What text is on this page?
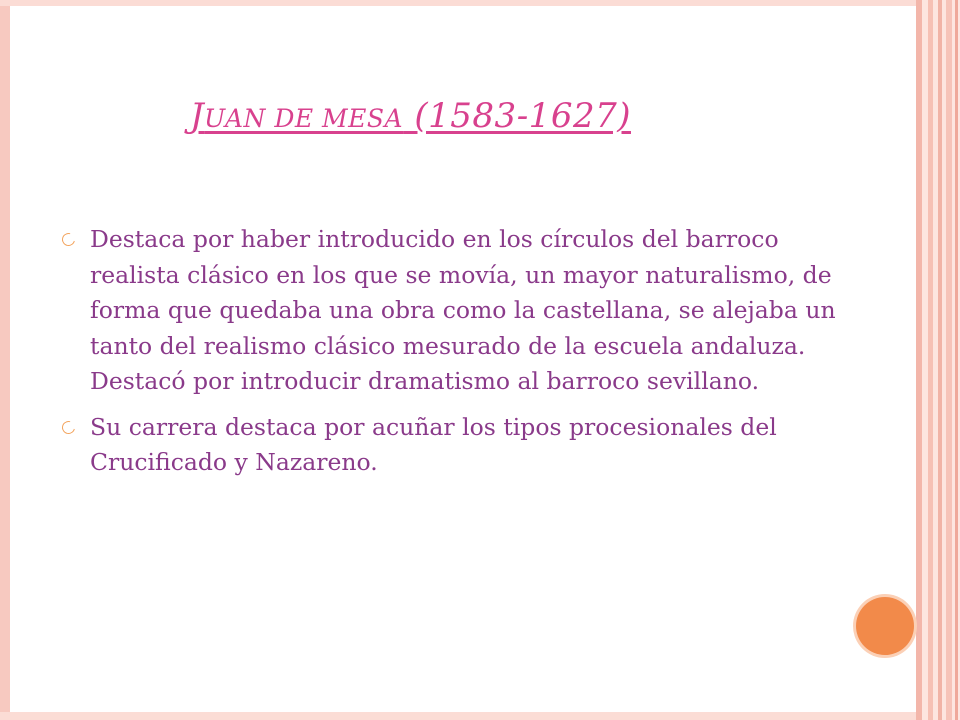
JUAN DE MESA (1583-1627)
Destaca por haber introducido en los círculos del barroco realista clásico en los que se movía, un mayor naturalismo, de forma que quedaba una obra como la castellana, se alejaba un tanto del realismo clásico mesurado de la escuela andaluza. Destacó por introducir dramatismo al barroco sevillano.
Su carrera destaca por acuñar los tipos procesionales del Crucificado y Nazareno.
